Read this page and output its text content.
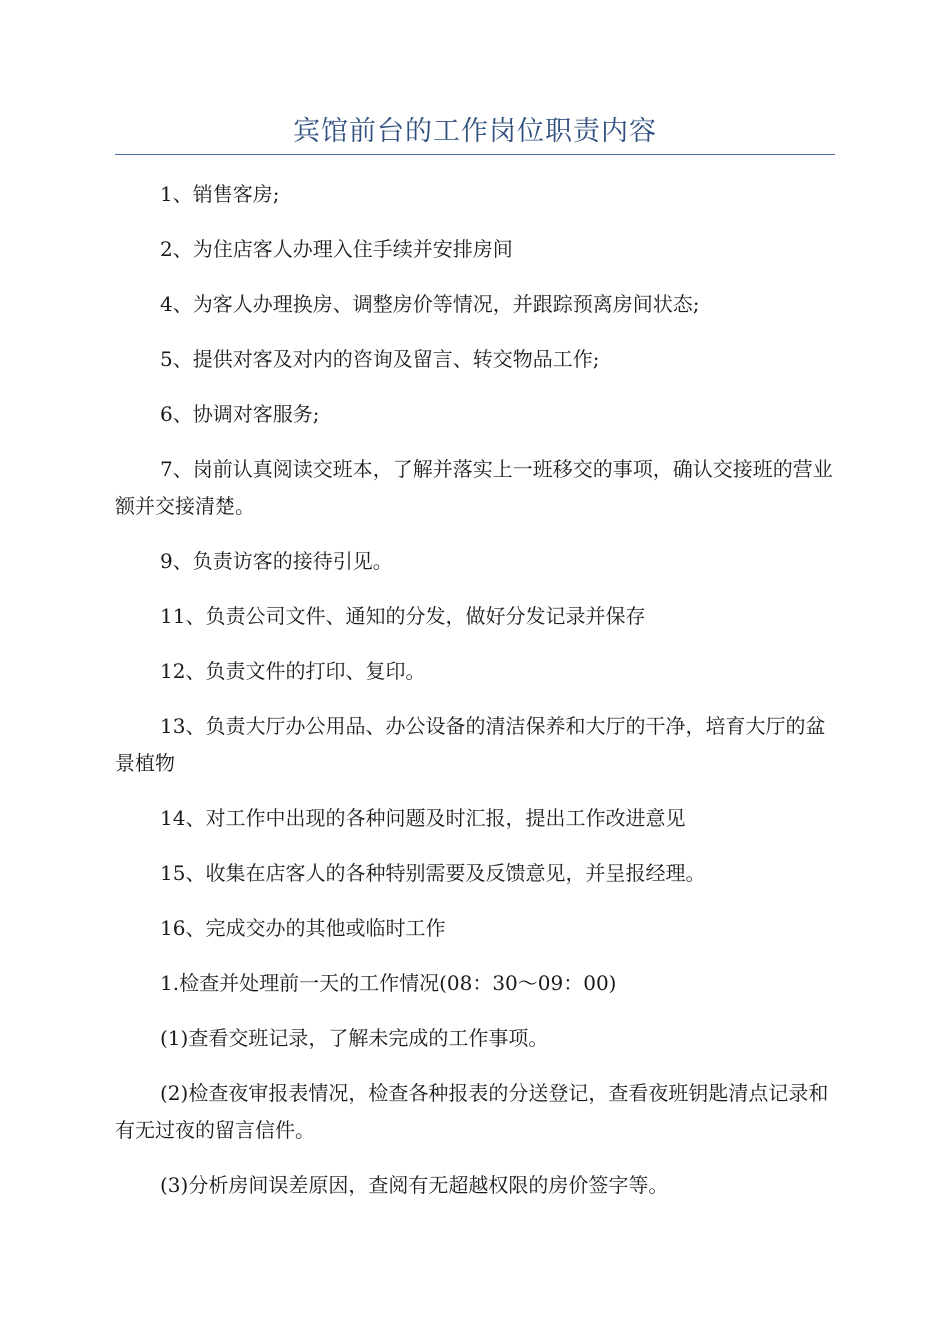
宾馆前台的工作岗位职责内容

1、销售客房;

2、为住店客人办理入住手续并安排房间

4、为客人办理换房、调整房价等情况，并跟踪预离房间状态;

5、提供对客及对内的咨询及留言、转交物品工作;

6、协调对客服务;

7、岗前认真阅读交班本，了解并落实上一班移交的事项，确认交接班的营业额并交接清楚。

9、负责访客的接待引见。

11、负责公司文件、通知的分发，做好分发记录并保存

12、负责文件的打印、复印。

13、负责大厅办公用品、办公设备的清洁保养和大厅的干净，培育大厅的盆景植物

14、对工作中出现的各种问题及时汇报，提出工作改进意见

15、收集在店客人的各种特别需要及反馈意见，并呈报经理。

16、完成交办的其他或临时工作

1.检查并处理前一天的工作情况(08：30～09：00)

(1)查看交班记录，了解未完成的工作事项。

(2)检查夜审报表情况，检查各种报表的分送登记，查看夜班钥匙清点记录和有无过夜的留言信件。

(3)分析房间误差原因，查阅有无超越权限的房价签字等。
